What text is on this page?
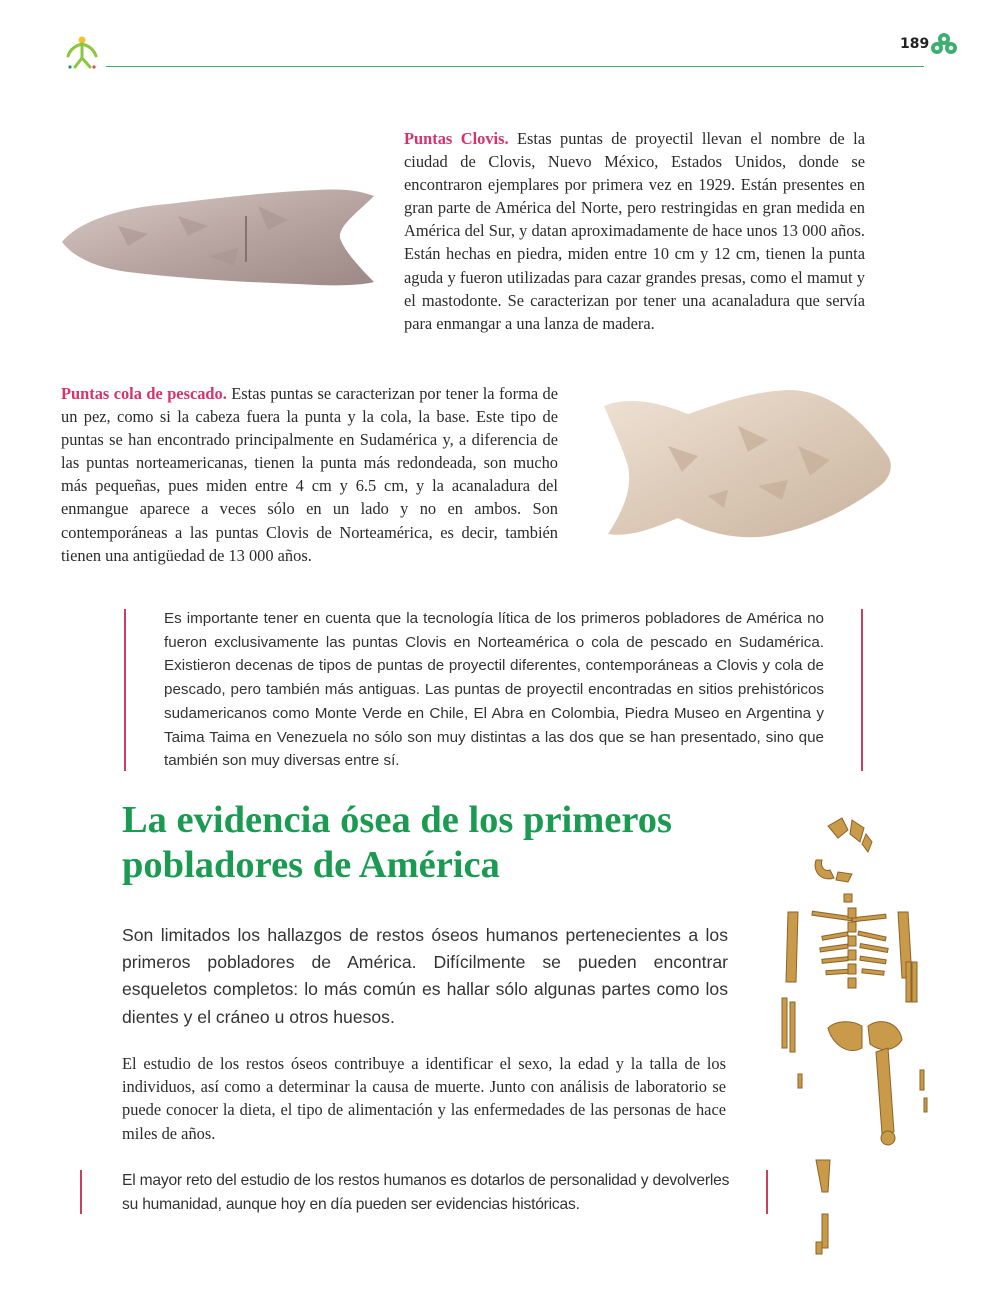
189
Puntas Clovis. Estas puntas de proyectil llevan el nombre de la ciudad de Clovis, Nuevo México, Estados Unidos, donde se encontraron ejemplares por primera vez en 1929. Están presentes en gran parte de América del Norte, pero restringidas en gran medida en América del Sur, y datan aproximadamente de hace unos 13 000 años. Están hechas en piedra, miden entre 10 cm y 12 cm, tienen la punta aguda y fueron utilizadas para cazar grandes presas, como el mamut y el mastodonte. Se caracterizan por tener una acanaladura que servía para enmangar a una lanza de madera.
Puntas cola de pescado. Estas puntas se caracterizan por tener la forma de un pez, como si la cabeza fuera la punta y la cola, la base. Este tipo de puntas se han encontrado principalmente en Sudamérica y, a diferencia de las puntas norteamericanas, tienen la punta más redondeada, son mucho más pequeñas, pues miden entre 4 cm y 6.5 cm, y la acanaladura del enmangue aparece a veces sólo en un lado y no en ambos. Son contemporáneas a las puntas Clovis de Norteamérica, es decir, también tienen una antigüedad de 13 000 años.
Es importante tener en cuenta que la tecnología lítica de los primeros pobladores de América no fueron exclusivamente las puntas Clovis en Norteamérica o cola de pescado en Sudamérica. Existieron decenas de tipos de puntas de proyectil diferentes, contemporáneas a Clovis y cola de pescado, pero también más antiguas. Las puntas de proyectil encontradas en sitios prehistóricos sudamericanos como Monte Verde en Chile, El Abra en Colombia, Piedra Museo en Argentina y Taima Taima en Venezuela no sólo son muy distintas a las dos que se han presentado, sino que también son muy diversas entre sí.
La evidencia ósea de los primeros pobladores de América
Son limitados los hallazgos de restos óseos humanos pertenecientes a los primeros pobladores de América. Difícilmente se pueden encontrar esqueletos completos: lo más común es hallar sólo algunas partes como los dientes y el cráneo u otros huesos.
El estudio de los restos óseos contribuye a identificar el sexo, la edad y la talla de los individuos, así como a determinar la causa de muerte. Junto con análisis de laboratorio se puede conocer la dieta, el tipo de alimentación y las enfermedades de las personas de hace miles de años.
El mayor reto del estudio de los restos humanos es dotarlos de personalidad y devolverles su humanidad, aunque hoy en día pueden ser evidencias históricas.
